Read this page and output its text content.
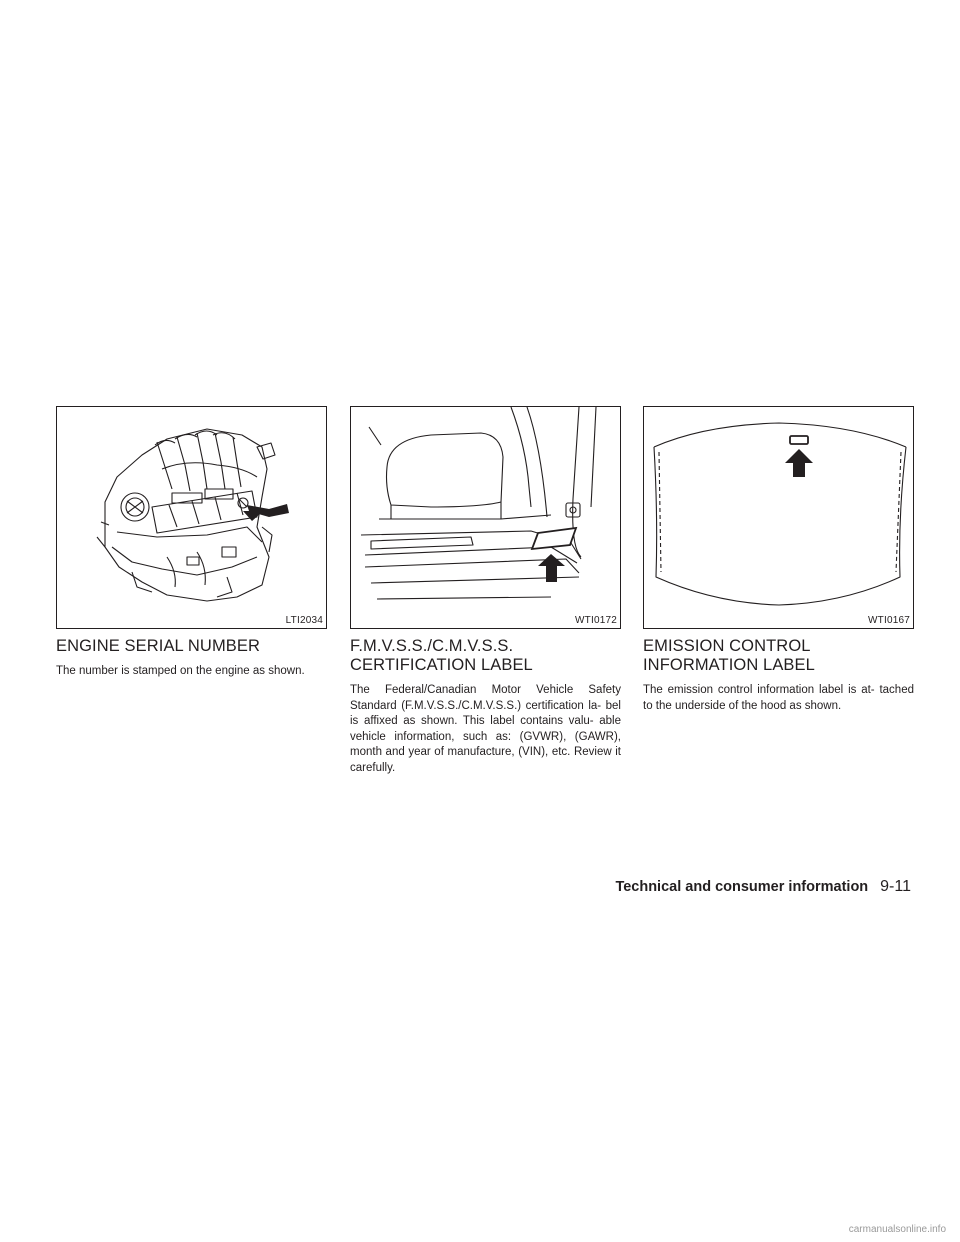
LTI2034
ENGINE SERIAL NUMBER

The number is stamped on the engine as shown.

WTI0172
F.M.V.S.S./C.M.V.S.S.
CERTIFICATION LABEL

The Federal/Canadian Motor Vehicle Safety Standard (F.M.V.S.S./C.M.V.S.S.) certification la- bel is affixed as shown. This label contains valu- able vehicle information, such as: (GVWR), (GAWR), month and year of manufacture, (VIN), etc. Review it carefully.

WTI0167
EMISSION CONTROL
INFORMATION LABEL

The emission control information label is at- tached to the underside of the hood as shown.

Technical and consumer information 9-11
carmanualsonline.info
